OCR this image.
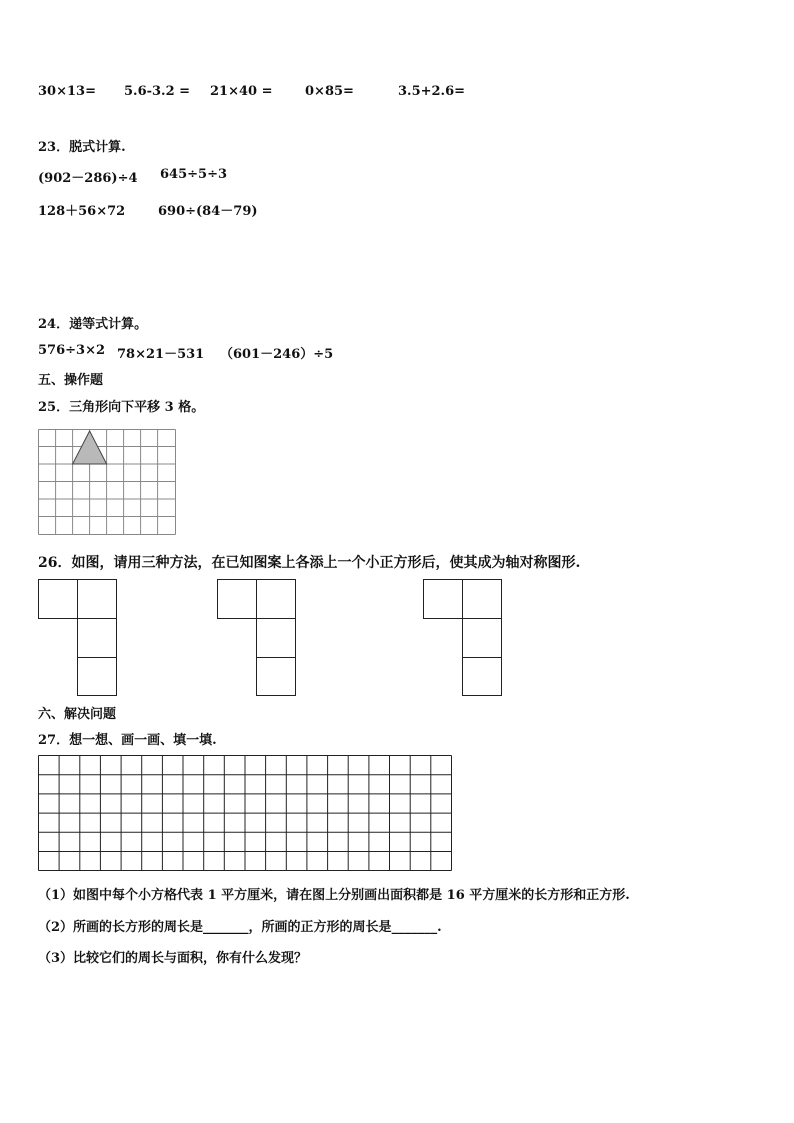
30×13= 5.6-3.2 = 21×40 =	0×85=	3.5+2.6=
23．脱式计算.
(902－286)÷4 645÷5÷3
128＋56×72	690÷(84－79)
24．递等式计算。
576÷3×2 78×21－531 （601－246）÷5
五、操作题
25．三角形向下平移 3 格。
26．如图，请用三种方法，在已知图案上各添上一个小正方形后，使其成为轴对称图形.
六、解决问题
27．想一想、画一画、填一填.
（1）如图中每个小方格代表 1 平方厘米，请在图上分别画出面积都是 16 平方厘米的长方形和正方形.
（2）所画的长方形的周长是_______，所画的正方形的周长是_______.
（3）比较它们的周长与面积，你有什么发现？
